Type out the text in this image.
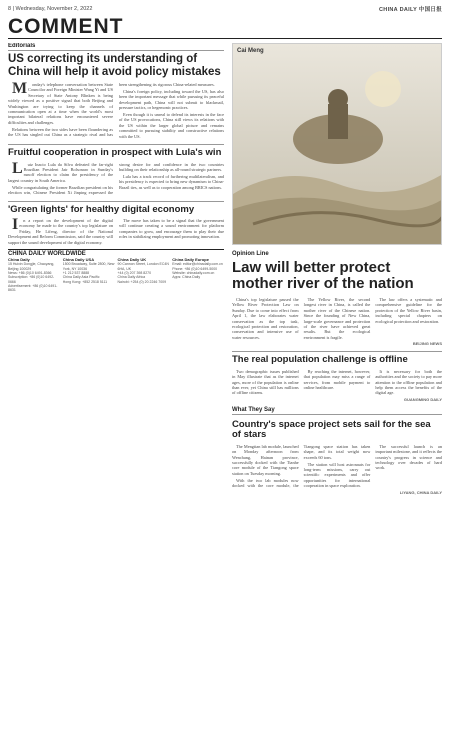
8 | Wednesday, November 2, 2022	CHINA DAILY 中国日报
COMMENT
Editorials
US correcting its understanding of China will help it avoid policy mistakes

Monday's telephone conversation between State Councilor and Foreign Minister Wang Yi and US Secretary of State Antony Blinken is being widely viewed as a positive signal that both Beijing and Washington are trying to keep the channels of communication open at a time when the world's most important bilateral relations have encountered severe difficulties and challenges.

Relations between the two sides have been floundering as the US has singled out China as a strategic rival and has been strengthening its rigorous China-related measures.

China's foreign policy, including toward the US, has also been the important message that while pursuing its peaceful development path, China will not submit to blackmail, pressure tactics, or hegemonic practices.

Even though it is unreal to defend its interests in the face of the US provocations, China still views its relations with the US within the larger global picture and remains committed to pursuing stability and constructive relations with the US.

Fruitful cooperation in prospect with Lula's win

Luiz Inacio Lula da Silva defeated the far-right Brazilian President Jair Bolsonaro in Sunday's runoff election to claim the presidency of the largest country in South America.

While congratulating the former Brazilian president on his election win, Chinese President Xi Jinping expressed the strong desire for and confidence in the two countries building on their relationship as all-round strategic partners.

Lula has a track record of furthering multilateralism, and his presidency is expected to bring new dynamism to China-Brazil ties, as well as to cooperation among BRICS nations.

'Green lights' for healthy digital economy

In a report on the development of the digital economy he made to the country's top legislature on Friday, He Lifeng, director of the National Development and Reform Commission, said the country will support the sound development of the digital economy.

The move has taken to be a signal that the government will continue creating a sound environment for platform companies to grow, and encourage them to play their due roles in stabilizing employment and promoting innovation.

CHINA DAILY WORLDWIDE
China Daily
15 Huixin Dongjie, Chaoyang, Beijing 100029
News: +86 (0)10 6491-8366
Subscription: +86 (0)10 6492-0666
Advertisement: +86 (0)10 6491-8631
China Daily USA
1500 Broadway, Suite 2800, New York, NY 10036
+1 212 537 8888
China Daily Asia Pacific
Hong Kong: +852 2518 5111
China Daily UK
90 Cannon Street, London EC4N 6HA, UK
+44 (0) 207 398 8270
China Daily Africa
Nairobi: +254 (0) 20 2246 7009
China Daily Europe
Email: editor@chinadaily.com.cn
Phone: +86 (0)10 6499-5000
Website: chinadaily.com.cn
Apps: China Daily
Cai Meng
Opinion Line
Law will better protect mother river of the nation

China's top legislature passed the Yellow River Protection Law on Sunday. Due to come into effect from April 1, the law elaborates water conservation as the top task, ecological protection and restoration, conservation and intensive use of water resources.

The Yellow River, the second longest river in China, is called the mother river of the Chinese nation. Since the founding of New China, large-scale governance and protection of the river have achieved great results. But the ecological environment is fragile.

The law offers a systematic and comprehensive guideline for the protection of the Yellow River basin, including special chapters on ecological protection and restoration.

BEIJING NEWS
The real population challenge is offline

Two demographic issues published in May illustrate that as the internet ages, more of the population is online than ever, yet China still has millions of offline citizens.

By reaching the internet, however, that population may miss a range of services, from mobile payment to online healthcare.

It is necessary for both the authorities and the society to pay more attention to the offline population and help them access the benefits of the digital age.

GUANGMING DAILY
What They Say
Country's space project sets sail for the sea of stars

The Mengtian lab module, launched on Monday afternoon from Wenchang, Hainan province, successfully docked with the Tianhe core module of the Tiangong space station on Tuesday morning.

With the two lab modules now docked with the core module, the Tiangong space station has taken shape, and its total weight now exceeds 60 tons.

The station will host astronauts for long-term missions, carry out scientific experiments and offer opportunities for international cooperation in space exploration.

The successful launch is an important milestone, and it reflects the country's progress in science and technology over decades of hard work.

LIYANG, CHINA DAILY
